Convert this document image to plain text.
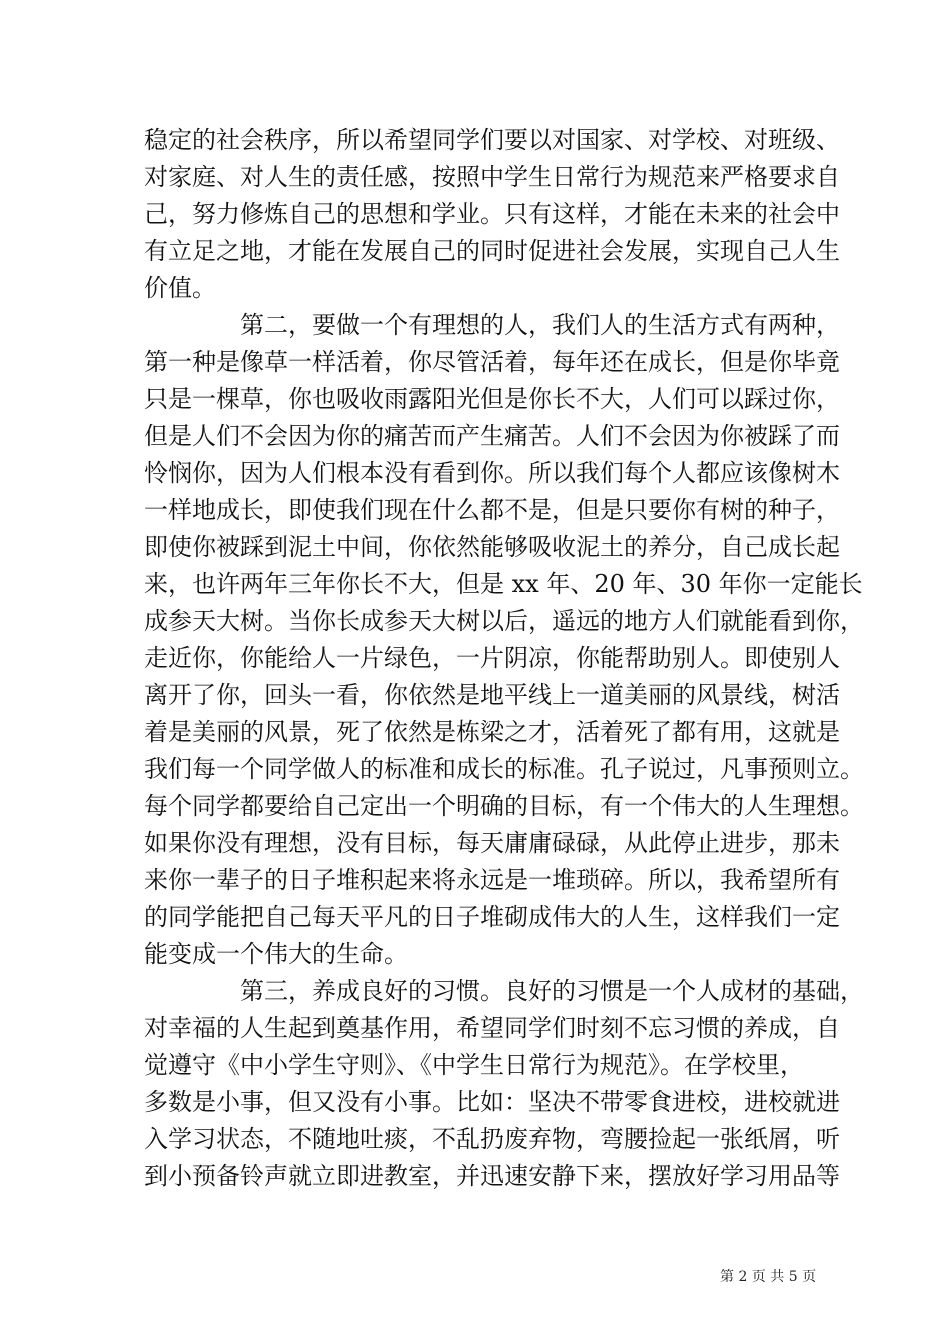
稳定的社会秩序，所以希望同学们要以对国家、对学校、对班级、
对家庭、对人生的责任感，按照中学生日常行为规范来严格要求自
己，努力修炼自己的思想和学业。只有这样，才能在未来的社会中
有立足之地，才能在发展自己的同时促进社会发展，实现自己人生
价值。
第二，要做一个有理想的人，我们人的生活方式有两种，
第一种是像草一样活着，你尽管活着，每年还在成长，但是你毕竟
只是一棵草，你也吸收雨露阳光但是你长不大，人们可以踩过你，
但是人们不会因为你的痛苦而产生痛苦。人们不会因为你被踩了而
怜悯你，因为人们根本没有看到你。所以我们每个人都应该像树木
一样地成长，即使我们现在什么都不是，但是只要你有树的种子，
即使你被踩到泥土中间，你依然能够吸收泥土的养分，自己成长起
来，也许两年三年你长不大，但是 xx 年、20 年、30 年你一定能长
成参天大树。当你长成参天大树以后，遥远的地方人们就能看到你，
走近你，你能给人一片绿色，一片阴凉，你能帮助别人。即使别人
离开了你，回头一看，你依然是地平线上一道美丽的风景线，树活
着是美丽的风景，死了依然是栋梁之才，活着死了都有用，这就是
我们每一个同学做人的标准和成长的标准。孔子说过，凡事预则立。
每个同学都要给自己定出一个明确的目标，有一个伟大的人生理想。
如果你没有理想，没有目标，每天庸庸碌碌，从此停止进步，那未
来你一辈子的日子堆积起来将永远是一堆琐碎。所以，我希望所有
的同学能把自己每天平凡的日子堆砌成伟大的人生，这样我们一定
能变成一个伟大的生命。
第三，养成良好的习惯。良好的习惯是一个人成材的基础，
对幸福的人生起到奠基作用，希望同学们时刻不忘习惯的养成，自
觉遵守《中小学生守则》、《中学生日常行为规范》。在学校里，
多数是小事，但又没有小事。比如：坚决不带零食进校，进校就进
入学习状态，不随地吐痰，不乱扔废弃物，弯腰捡起一张纸屑，听
到小预备铃声就立即进教室，并迅速安静下来，摆放好学习用品等
第 2 页 共 5 页
